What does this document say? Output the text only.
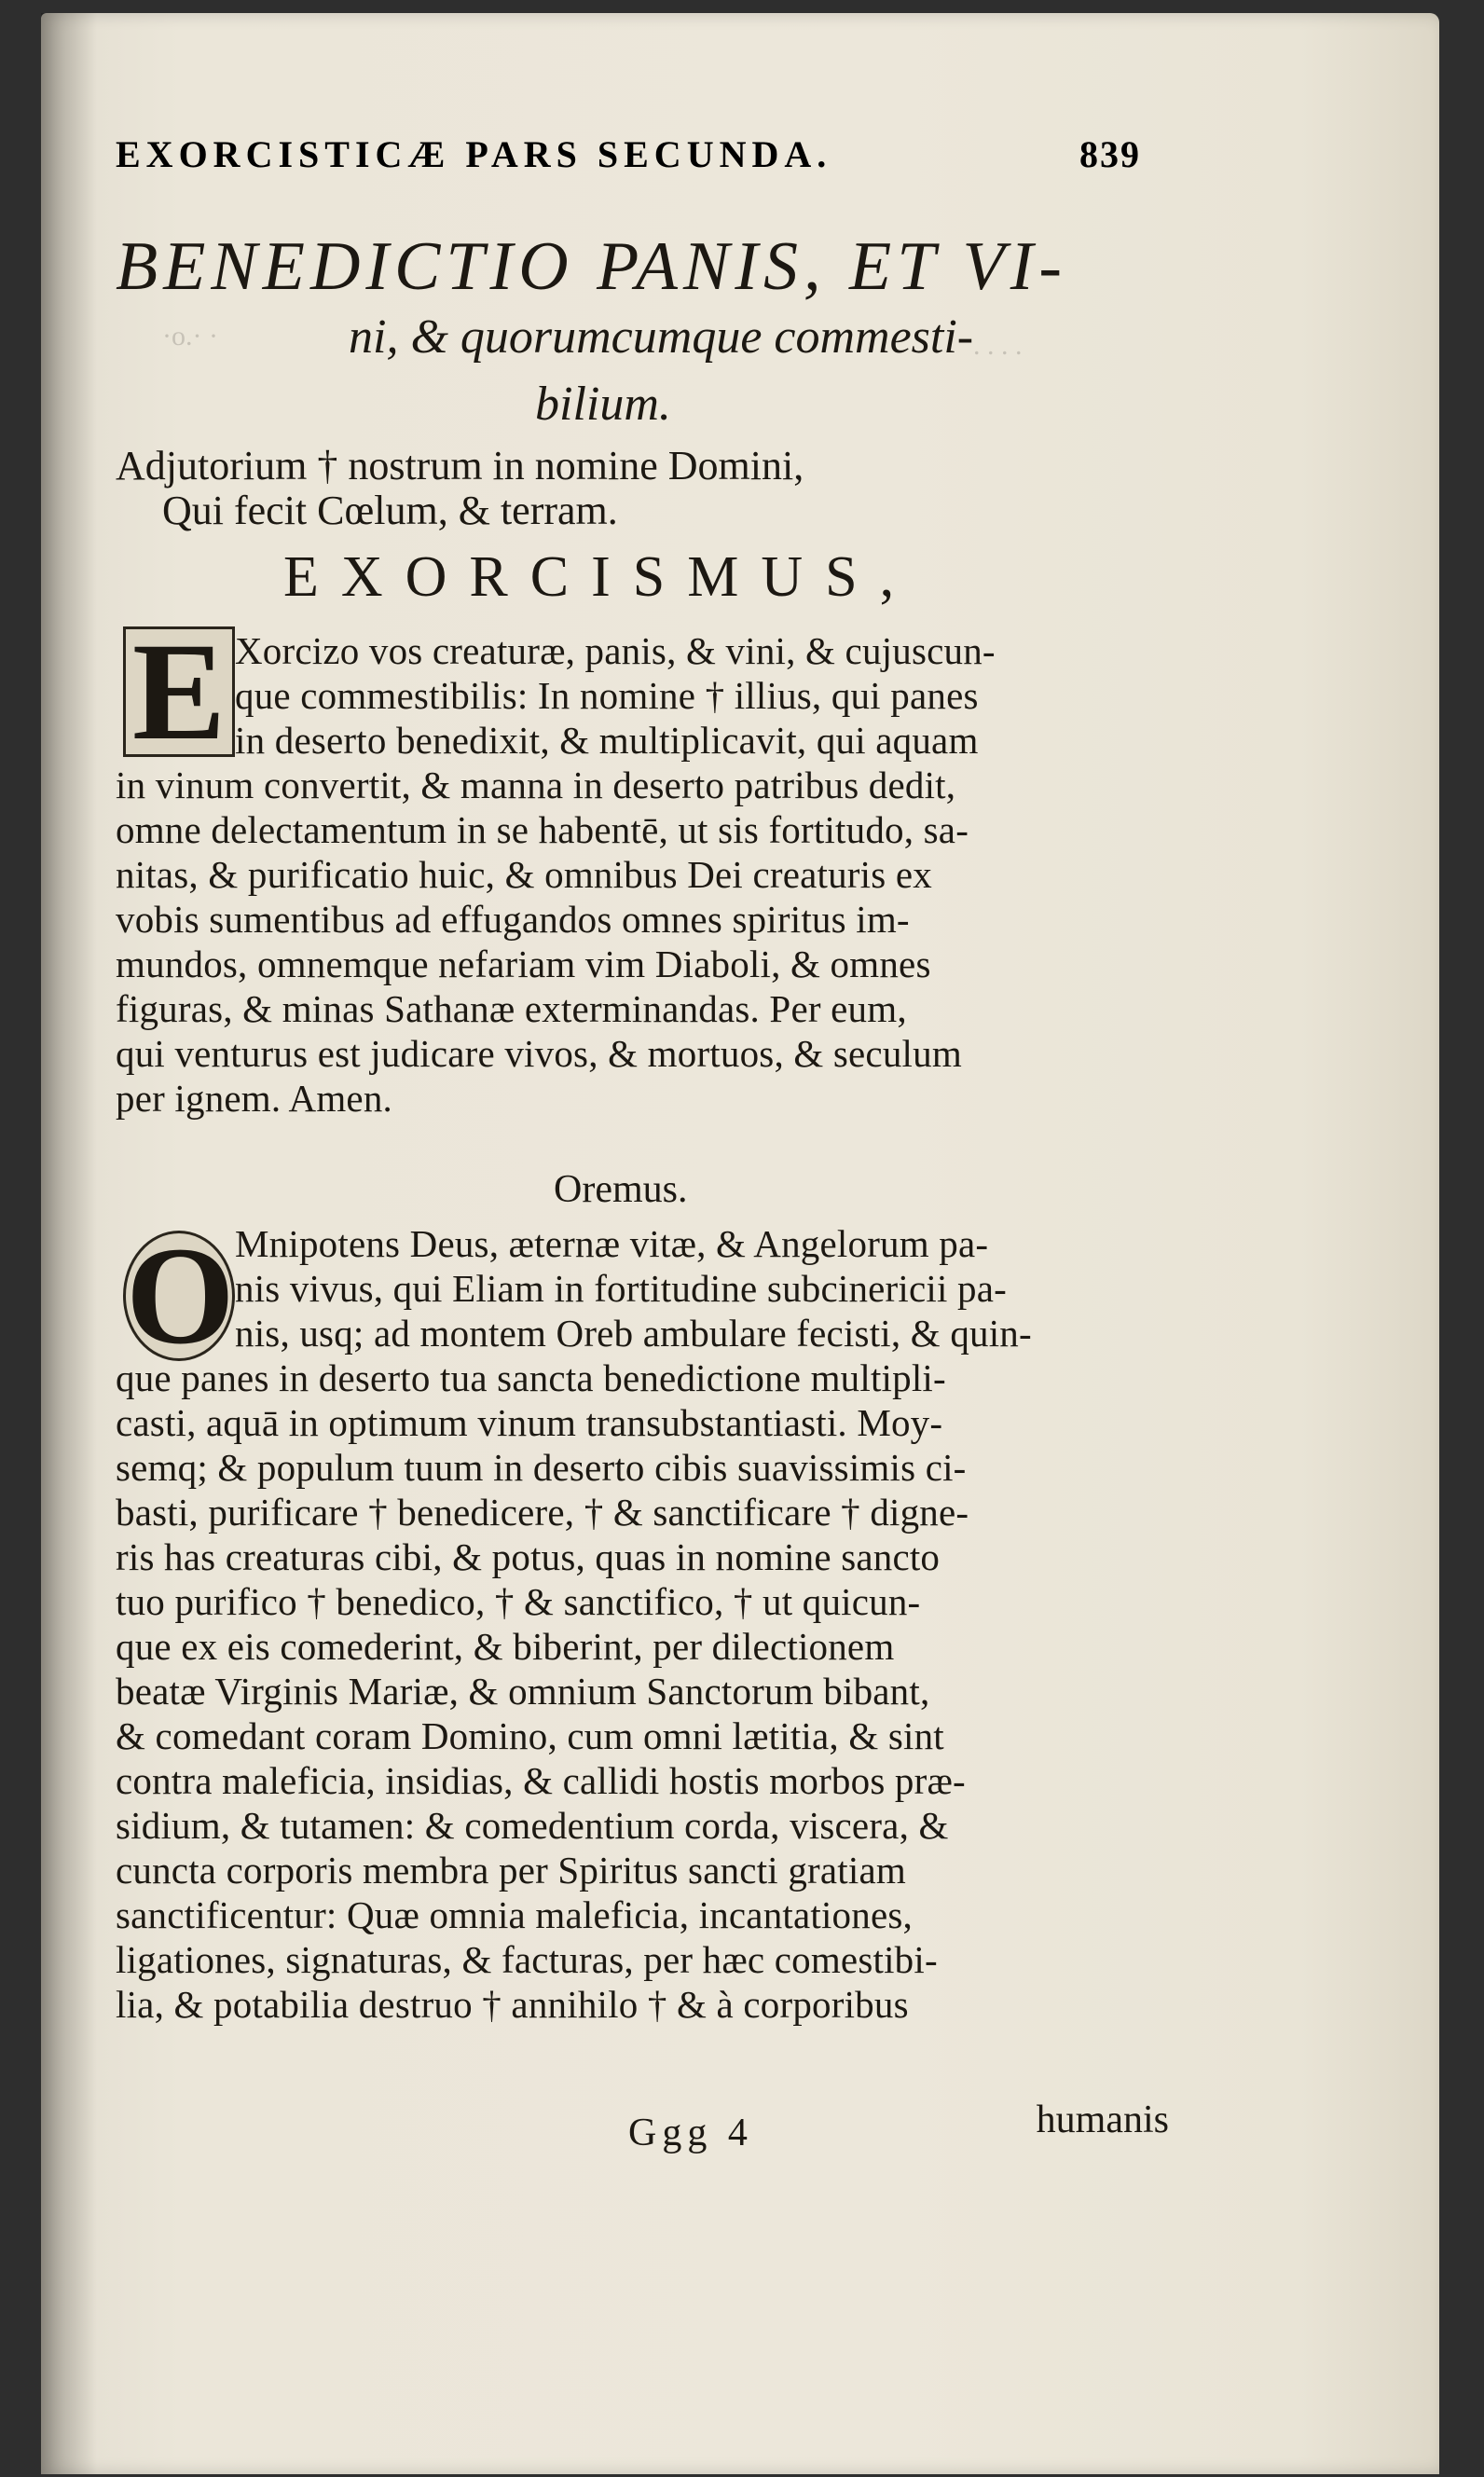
·o.· ·	. . . .
EXORCISTICÆ PARS SECUNDA.	839
BENEDICTIO PANIS, ET VI-
ni, & quorumcumque commesti-
bilium.
Adjutorium † nostrum in nomine Domini,
Qui fecit Cœlum, & terram.
EXORCISMUS,
E Xorcizo vos creaturæ, panis, & vini, & cujuscun-
que commestibilis: In nomine † illius, qui panes
in deserto benedixit, & multiplicavit, qui aquam
in vinum convertit, & manna in deserto patribus dedit,
omne delectamentum in se habentē, ut sis fortitudo, sa-
nitas, & purificatio huic, & omnibus Dei creaturis ex
vobis sumentibus ad effugandos omnes spiritus im-
mundos, omnemque nefariam vim Diaboli, & omnes
figuras, & minas Sathanæ exterminandas. Per eum,
qui venturus est judicare vivos, & mortuos, & seculum
per ignem. Amen.
Oremus.
O Mnipotens Deus, æternæ vitæ, & Angelorum pa-
nis vivus, qui Eliam in fortitudine subcinericii pa-
nis, usq; ad montem Oreb ambulare fecisti, & quin-
que panes in deserto tua sancta benedictione multipli-
casti, aquā in optimum vinum transubstantiasti. Moy-
semq; & populum tuum in deserto cibis suavissimis ci-
basti, purificare † benedicere, † & sanctificare † digne-
ris has creaturas cibi, & potus, quas in nomine sancto
tuo purifico † benedico, † & sanctifico, † ut quicun-
que ex eis comederint, & biberint, per dilectionem
beatæ Virginis Mariæ, & omnium Sanctorum bibant,
& comedant coram Domino, cum omni lætitia, & sint
contra maleficia, insidias, & callidi hostis morbos præ-
sidium, & tutamen: & comedentium corda, viscera, &
cuncta corporis membra per Spiritus sancti gratiam
sanctificentur: Quæ omnia maleficia, incantationes,
ligationes, signaturas, & facturas, per hæc comestibi-
lia, & potabilia destruo † annihilo † & à corporibus
Ggg 4	humanis
